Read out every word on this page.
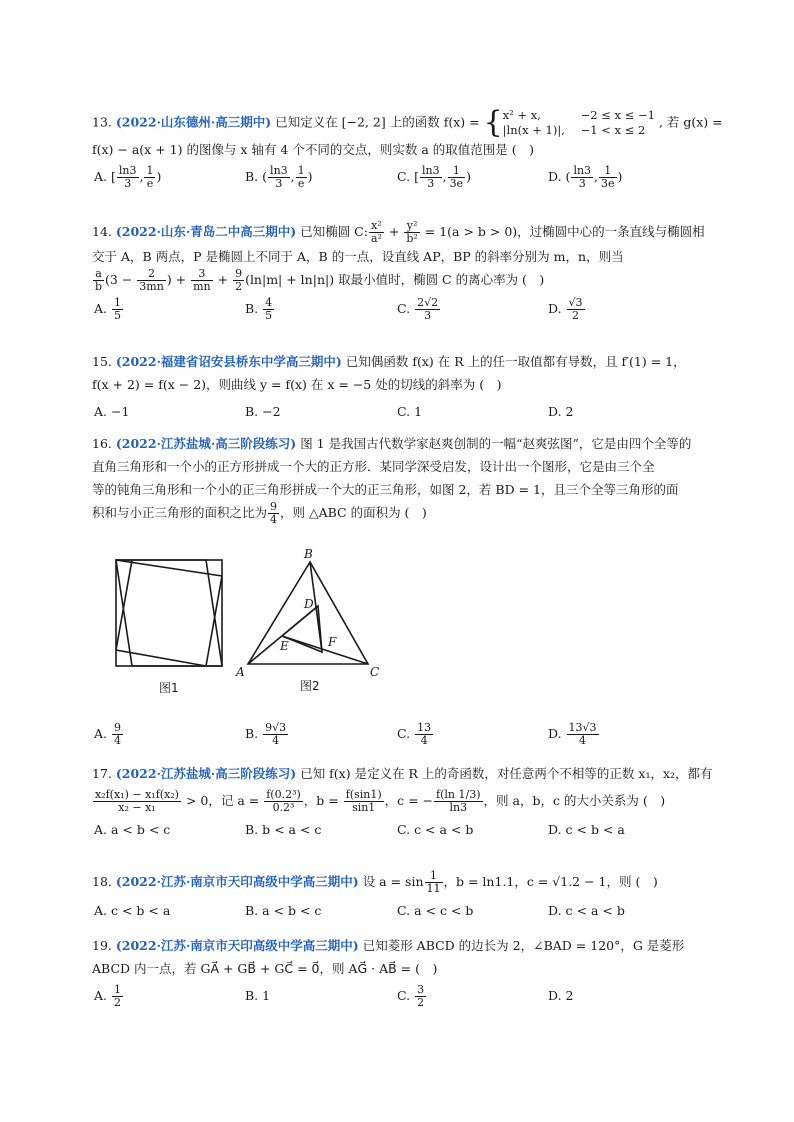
13. (2022·山东德州·高三期中) 已知定义在 [−2, 2] 上的函数 f(x) = { x² + x,	−2 ≤ x ≤ −1
|ln(x + 1)|, −1 < x ≤ 2
, 若 g(x) =
f(x) − a(x + 1) 的图像与 x 轴有 4 个不同的交点，则实数 a 的取值范围是 (　)
A. [ $\frac{\ln 3}{3}$ , $\frac{1}{e}$ )	B. ( $\frac{\ln 3}{3}$ , $\frac{1}{e}$ )	C. [ $\frac{\ln 3}{3}$ , $\frac{1}{3e}$ )	D. ( $\frac{\ln 3}{3}$ , $\frac{1}{3e}$ )
14. (2022·山东·青岛二中高三期中) 已知椭圆 C: $\frac{\text{x²}}{\text{a²}} + \frac{\text{y²}}{\text{b²}} = 1(a > b > 0)$，过椭圆中心的一条直线与椭圆相
交于 A，B 两点，P 是椭圆上不同于 A，B 的一点，设直线 AP，BP 的斜率分别为 m，n，则当
$\frac{a}{b} (3 - \frac{2}{3mn}$ ) + $\frac{3}{mn} + \frac{9}{2} (\ln|m| + \ln|n|)$ 取最小值时，椭圆 C 的离心率为 (　)
A. $\frac{1}{5}$	B. $\frac{4}{5}$	C. $\frac{2√2}{3}$	D. $\frac{√3}{2}$
15. (2022·福建省诏安县桥东中学高三期中) 已知偶函数 f(x) 在 R 上的任一取值都有导数，且 f′(1) = 1，
f(x + 2) = f(x − 2)，则曲线 y = f(x) 在 x = −5 处的切线的斜率为 (　)
A. −1	B. −2	C. 1	D. 2
16. (2022·江苏盐城·高三阶段练习) 图 1 是我国古代数学家赵爽创制的一幅“赵爽弦图”，它是由四个全等的
直角三角形和一个小的正方形拼成一个大的正方形．某同学深受启发，设计出一个图形，它是由三个全
等的钝角三角形和一个小的正三角形拼成一个大的正三角形，如图 2，若 BD = 1，且三个全等三角形的面
积和与小正三角形的面积之比为 $\frac{9}{4}$ ，则 △ABC 的面积为 (　)
图1	图2
B
A	C
D
E	F
A. $\frac{9}{4}$	B. $\frac{9√3}{4}$	C. $\frac{13}{4}$	D. $\frac{13√3}{4}$
17. (2022·江苏盐城·高三阶段练习) 已知 f(x) 是定义在 R 上的奇函数，对任意两个不相等的正数 x₁，x₂，都有
$\frac{\text{x₂f(x₁) − x₁f(x₂)}}{\text{x₂ − x₁}} > 0$，记 $a = \frac{\text{f(0.2³)}}{\text{0.2³}}$ ，$b = \frac{f(\sin 1)}{\sin 1}$ ，c = − $\frac{f(\ln 1/3)}{\ln 3}$ ，则 a，b，c 的大小关系为 (　)
A. a < b < c	B. b < a < c	C. c < a < b	D. c < b < a
18. (2022·江苏·南京市天印高级中学高三期中) 设 $a = \sin \frac{1}{11}$ ，b = ln1.1，c = √1.2 − 1，则 (　)
A. c < b < a	B. a < b < c	C. a < c < b	D. c < a < b
19. (2022·江苏·南京市天印高级中学高三期中) 已知菱形 ABCD 的边长为 2，∠BAD = 120°，G 是菱形
ABCD 内一点，若 GA⃗ + GB⃗ + GC⃗ = 0⃗，则 AG⃗ · AB⃗ = (　)
A. $\frac{1}{2}$	B. 1	C. $\frac{3}{2}$	D. 2
